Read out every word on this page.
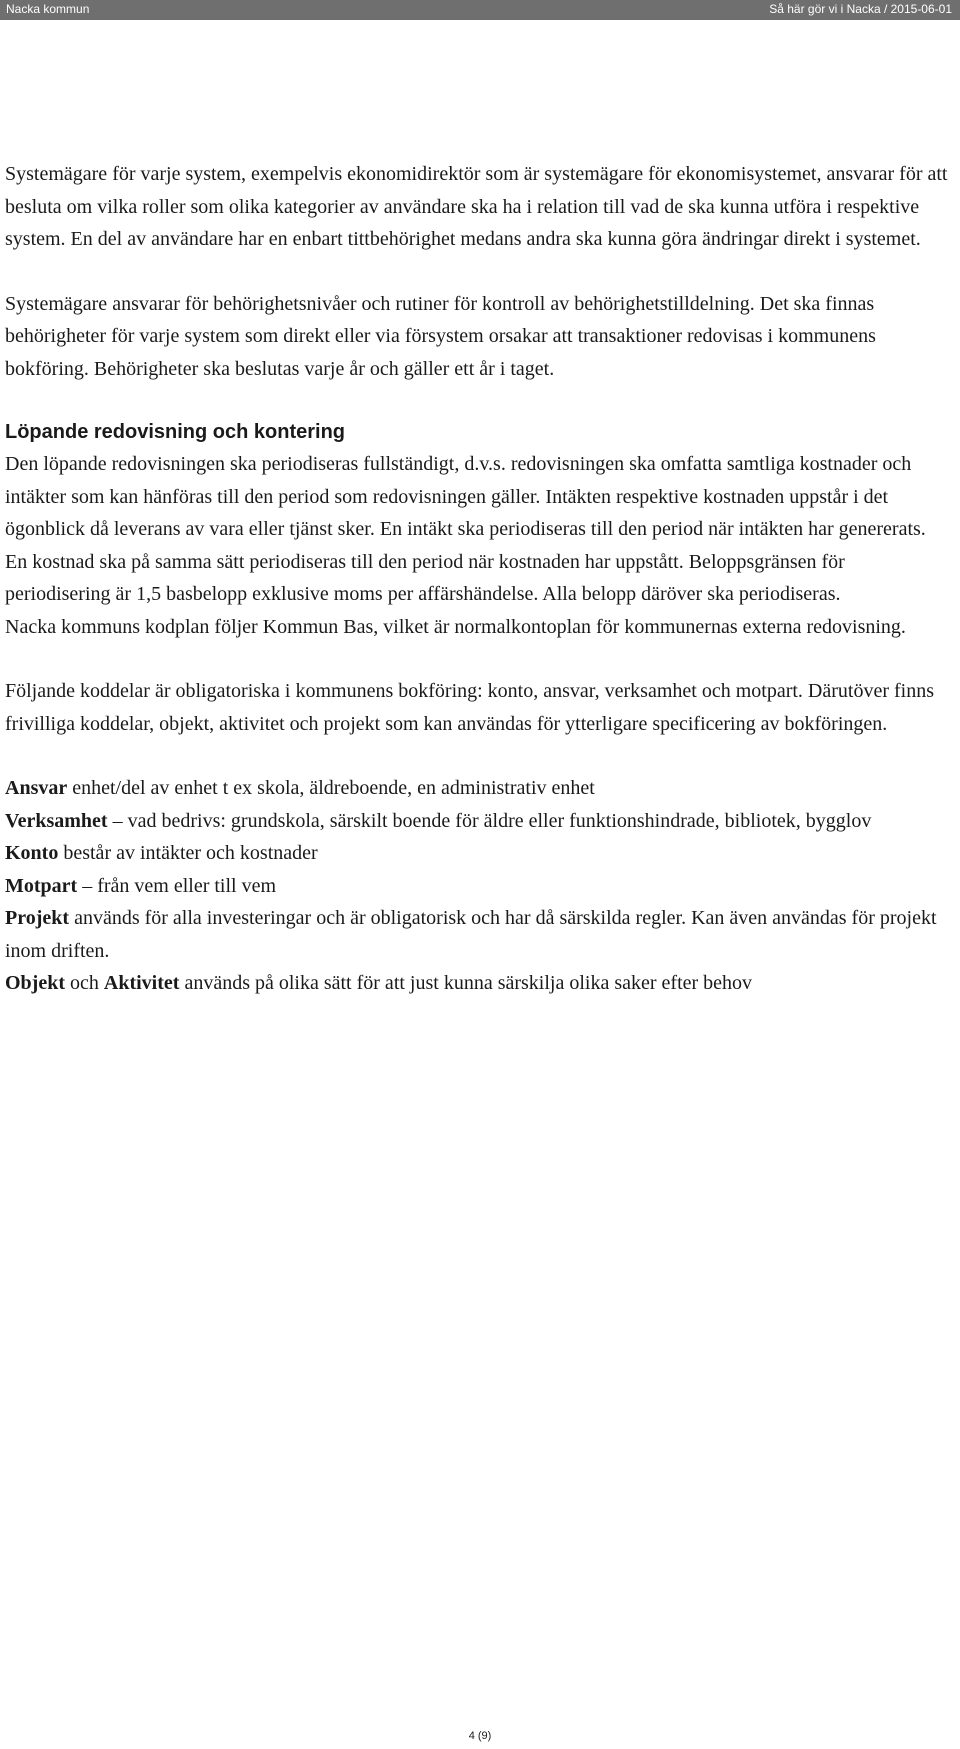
Nacka kommun	Så här gör vi i Nacka / 2015-06-01

Systemägare för varje system, exempelvis ekonomidirektör som är systemägare för ekonomisystemet, ansvarar för att besluta om vilka roller som olika kategorier av användare ska ha i relation till vad de ska kunna utföra i respektive system. En del av användare har en enbart tittbehörighet medans andra ska kunna göra ändringar direkt i systemet.

Systemägare ansvarar för behörighetsnivåer och rutiner för kontroll av behörighetstilldelning. Det ska finnas behörigheter för varje system som direkt eller via försystem orsakar att transaktioner redovisas i kommunens bokföring. Behörigheter ska beslutas varje år och gäller ett år i taget.

Löpande redovisning och kontering

Den löpande redovisningen ska periodiseras fullständigt, d.v.s. redovisningen ska omfatta samtliga kostnader och intäkter som kan hänföras till den period som redovisningen gäller. Intäkten respektive kostnaden uppstår i det ögonblick då leverans av vara eller tjänst sker. En intäkt ska periodiseras till den period när intäkten har genererats. En kostnad ska på samma sätt periodiseras till den period när kostnaden har uppstått. Beloppsgränsen för periodisering är 1,5 basbelopp exklusive moms per affärshändelse. Alla belopp däröver ska periodiseras.

Nacka kommuns kodplan följer Kommun Bas, vilket är normalkontoplan för kommunernas externa redovisning.

Följande koddelar är obligatoriska i kommunens bokföring: konto, ansvar, verksamhet och motpart. Därutöver finns frivilliga koddelar, objekt, aktivitet och projekt som kan användas för ytterligare specificering av bokföringen.

Ansvar enhet/del av enhet t ex skola, äldreboende, en administrativ enhet

Verksamhet – vad bedrivs: grundskola, särskilt boende för äldre eller funktionshindrade, bibliotek, bygglov

Konto består av intäkter och kostnader

Motpart – från vem eller till vem

Projekt används för alla investeringar och är obligatorisk och har då särskilda regler. Kan även användas för projekt inom driften.

Objekt och Aktivitet används på olika sätt för att just kunna särskilja olika saker efter behov

4 (9)
